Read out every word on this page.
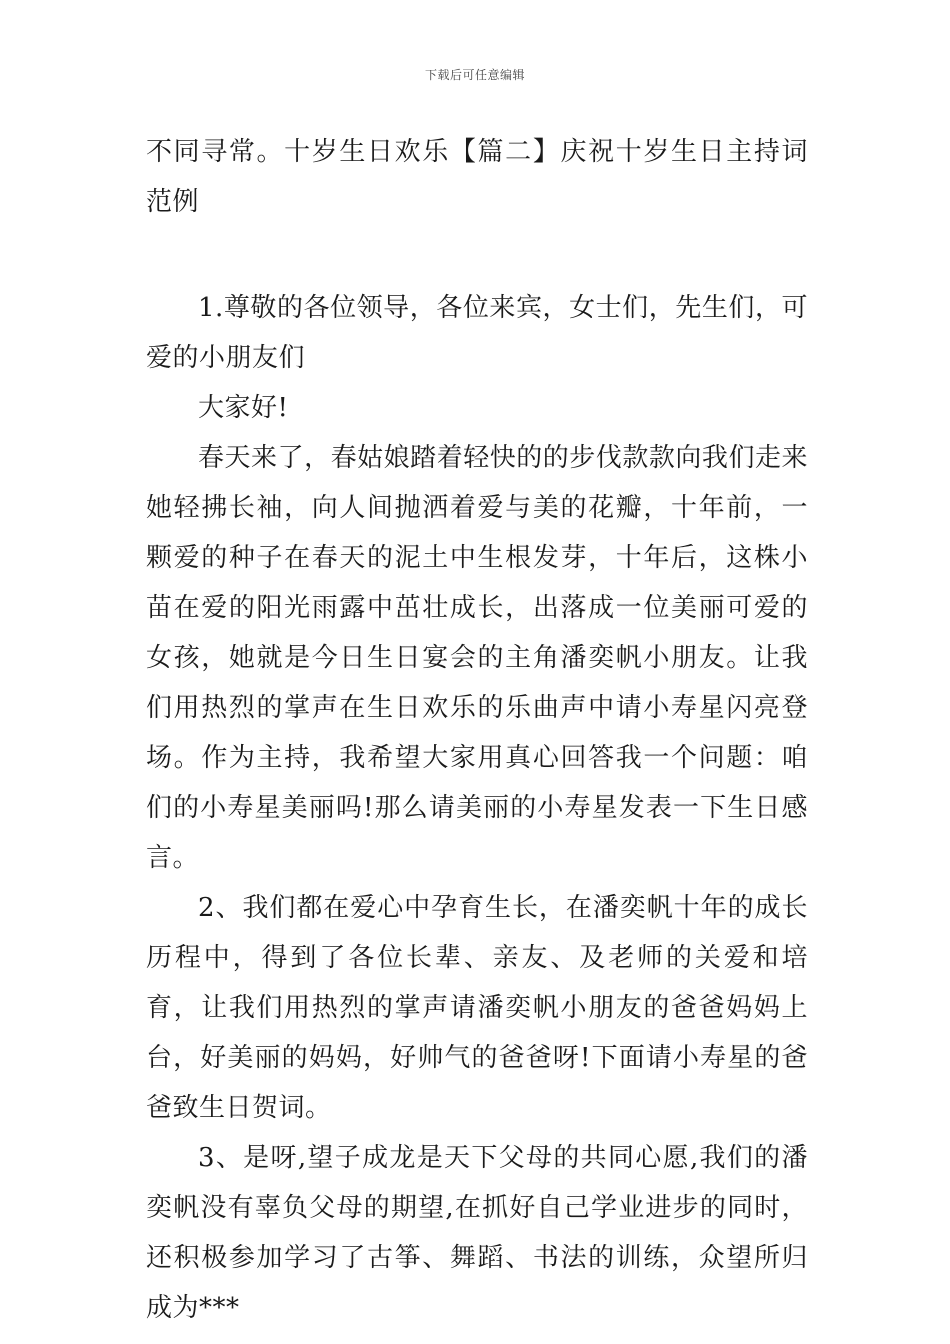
下载后可任意编辑

不同寻常。十岁生日欢乐【篇二】庆祝十岁生日主持词范例

1.尊敬的各位领导，各位来宾，女士们，先生们，可爱的小朋友们

大家好!

春天来了，春姑娘踏着轻快的的步伐款款向我们走来她轻拂长袖，向人间抛洒着爱与美的花瓣，十年前，一颗爱的种子在春天的泥土中生根发芽，十年后，这株小苗在爱的阳光雨露中茁壮成长，出落成一位美丽可爱的女孩，她就是今日生日宴会的主角潘奕帆小朋友。让我们用热烈的掌声在生日欢乐的乐曲声中请小寿星闪亮登场。作为主持，我希望大家用真心回答我一个问题：咱们的小寿星美丽吗!那么请美丽的小寿星发表一下生日感言。

2、我们都在爱心中孕育生长，在潘奕帆十年的成长历程中，得到了各位长辈、亲友、及老师的关爱和培育，让我们用热烈的掌声请潘奕帆小朋友的爸爸妈妈上台，好美丽的妈妈，好帅气的爸爸呀!下面请小寿星的爸爸致生日贺词。

3、是呀,望子成龙是天下父母的共同心愿,我们的潘奕帆没有辜负父母的期望,在抓好自己学业进步的同时，还积极参加学习了古筝、舞蹈、书法的训练，众望所归成为***
